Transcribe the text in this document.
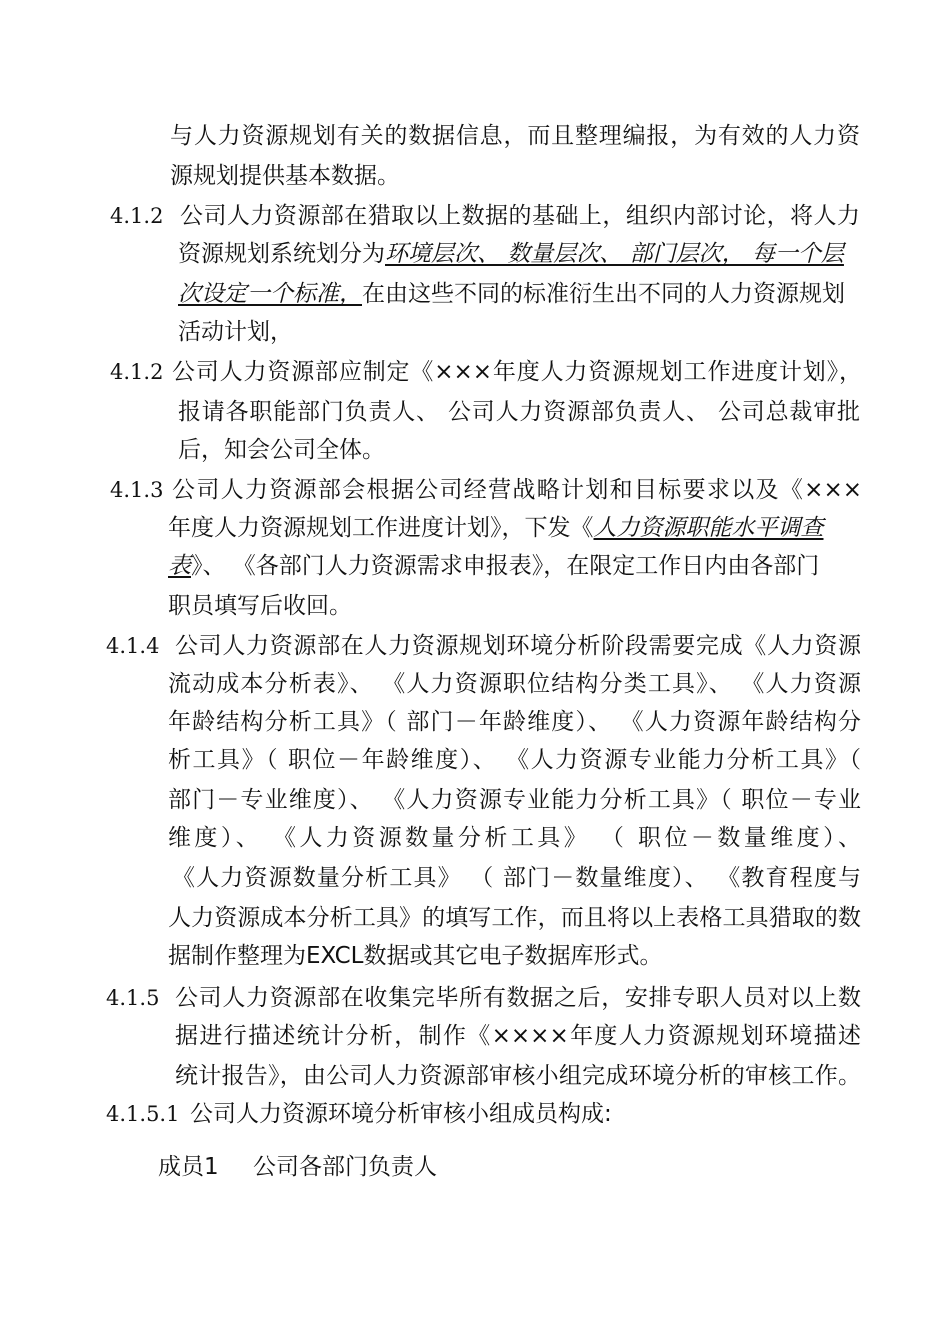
与人力资源规划有关的数据信息，而且整理编报，为有效的人力资
源规划提供基本数据。
4.1.2 公司人力资源部在猎取以上数据的基础上，组织内部讨论，将人力
资源规划系统划分为环境层次、 数量层次、 部门层次， 每一个层
次设定一个标准，在由这些不同的标准衍生出不同的人力资源规划
活动计划，
4.1.2 公司人力资源部应制定《×××年度人力资源规划工作进度计划》，
报请各职能部门负责人、 公司人力资源部负责人、 公司总裁审批
后，知会公司全体。
4.1.3 公司人力资源部会根据公司经营战略计划和目标要求以及《×××
年度人力资源规划工作进度计划》，下发《人力资源职能水平调查
表》、 《各部门人力资源需求申报表》，在限定工作日内由各部门
职员填写后收回。
4.1.4 公司人力资源部在人力资源规划环境分析阶段需要完成《人力资源
流动成本分析表》、 《人力资源职位结构分类工具》、 《人力资源
年龄结构分析工具》（ 部门－年龄维度）、 《人力资源年龄结构分
析工具》（ 职位－年龄维度）、 《人力资源专业能力分析工具》（
部门－专业维度）、 《人力资源专业能力分析工具》（ 职位－专业
维度）、 《人力资源数量分析工具》 （ 职位－数量维度）、
《人力资源数量分析工具》 （ 部门－数量维度）、 《教育程度与
人力资源成本分析工具》的填写工作，而且将以上表格工具猎取的数
据制作整理为EXCL数据或其它电子数据库形式。
4.1.5 公司人力资源部在收集完毕所有数据之后，安排专职人员对以上数
据进行描述统计分析，制作《××××年度人力资源规划环境描述
统计报告》，由公司人力资源部审核小组完成环境分析的审核工作。
4.1.5.1 公司人力资源环境分析审核小组成员构成:
成员1 公司各部门负责人
